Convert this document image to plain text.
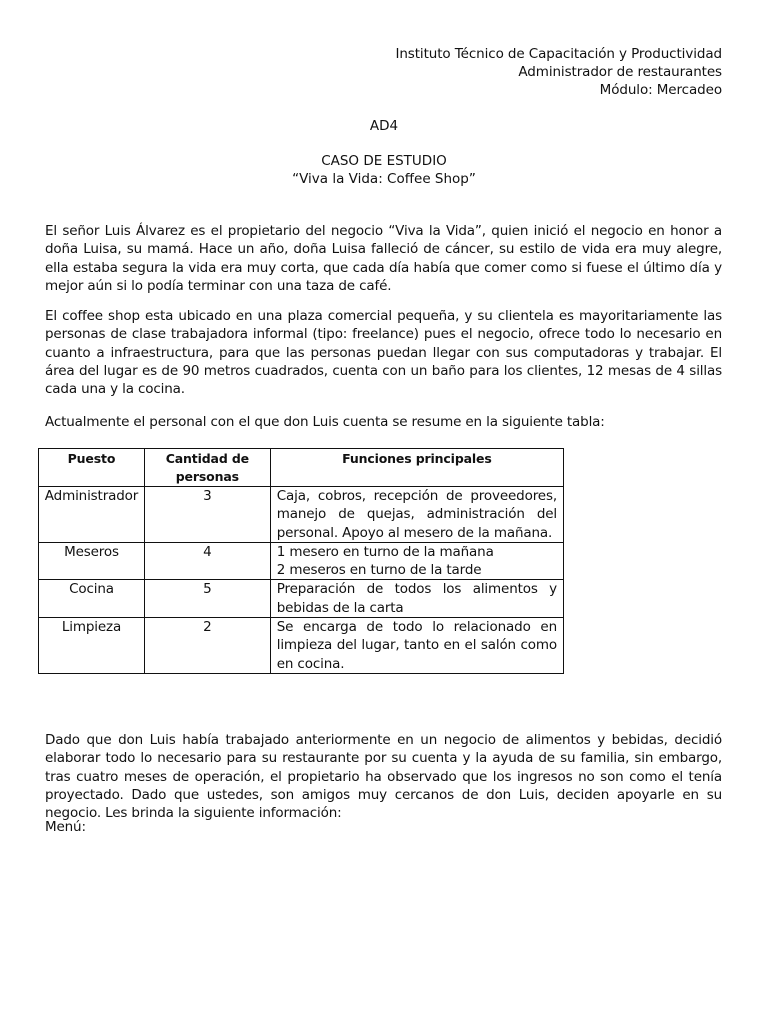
Instituto Técnico de Capacitación y Productividad
Administrador de restaurantes
Módulo: Mercadeo
AD4
CASO DE ESTUDIO
“Viva la Vida: Coffee Shop”
El señor Luis Álvarez es el propietario del negocio “Viva la Vida”, quien inició el negocio en honor a doña Luisa, su mamá. Hace un año, doña Luisa falleció de cáncer, su estilo de vida era muy alegre, ella estaba segura la vida era muy corta, que cada día había que comer como si fuese el último día y mejor aún si lo podía terminar con una taza de café.
El coffee shop esta ubicado en una plaza comercial pequeña, y su clientela es mayoritariamente las personas de clase trabajadora informal (tipo: freelance) pues el negocio, ofrece todo lo necesario en cuanto a infraestructura, para que las personas puedan llegar con sus computadoras y trabajar. El área del lugar es de 90 metros cuadrados, cuenta con un baño para los clientes, 12 mesas de 4 sillas cada una y la cocina.
Actualmente el personal con el que don Luis cuenta se resume en la siguiente tabla:
Puesto	Cantidad de personas	Funciones principales
Administrador	3	Caja, cobros, recepción de proveedores, manejo de quejas, administración del personal. Apoyo al mesero de la mañana.
Meseros	4	1 mesero en turno de la mañana
2 meseros en turno de la tarde

Cocina	5	Preparación de todos los alimentos y bebidas de la carta
Limpieza	2	Se encarga de todo lo relacionado en limpieza del lugar, tanto en el salón como en cocina.
Dado que don Luis había trabajado anteriormente en un negocio de alimentos y bebidas, decidió elaborar todo lo necesario para su restaurante por su cuenta y la ayuda de su familia, sin embargo, tras cuatro meses de operación, el propietario ha observado que los ingresos no son como el tenía proyectado. Dado que ustedes, son amigos muy cercanos de don Luis, deciden apoyarle en su negocio. Les brinda la siguiente información:
Menú:
